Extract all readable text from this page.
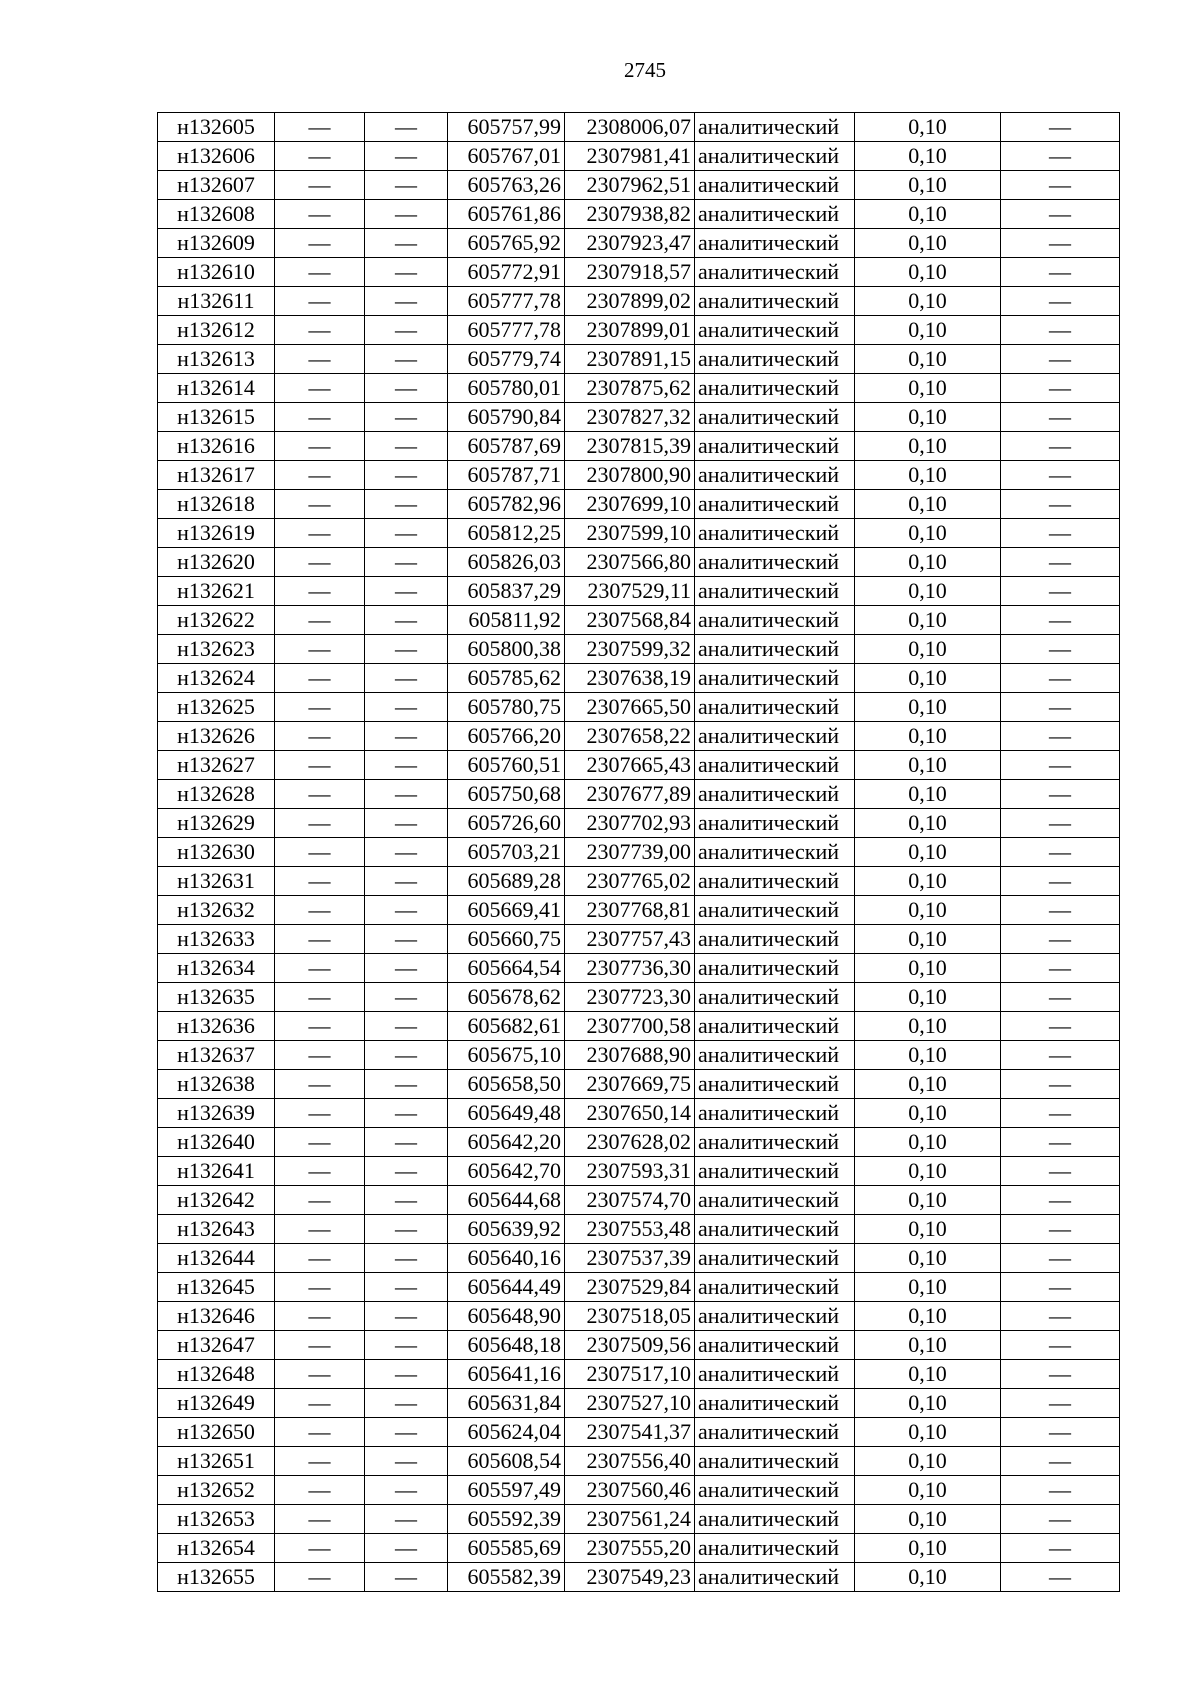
2745
н132605	—	—	605757,99	2308006,07	аналитический	0,10	—
н132606	—	—	605767,01	2307981,41	аналитический	0,10	—
н132607	—	—	605763,26	2307962,51	аналитический	0,10	—
н132608	—	—	605761,86	2307938,82	аналитический	0,10	—
н132609	—	—	605765,92	2307923,47	аналитический	0,10	—
н132610	—	—	605772,91	2307918,57	аналитический	0,10	—
н132611	—	—	605777,78	2307899,02	аналитический	0,10	—
н132612	—	—	605777,78	2307899,01	аналитический	0,10	—
н132613	—	—	605779,74	2307891,15	аналитический	0,10	—
н132614	—	—	605780,01	2307875,62	аналитический	0,10	—
н132615	—	—	605790,84	2307827,32	аналитический	0,10	—
н132616	—	—	605787,69	2307815,39	аналитический	0,10	—
н132617	—	—	605787,71	2307800,90	аналитический	0,10	—
н132618	—	—	605782,96	2307699,10	аналитический	0,10	—
н132619	—	—	605812,25	2307599,10	аналитический	0,10	—
н132620	—	—	605826,03	2307566,80	аналитический	0,10	—
н132621	—	—	605837,29	2307529,11	аналитический	0,10	—
н132622	—	—	605811,92	2307568,84	аналитический	0,10	—
н132623	—	—	605800,38	2307599,32	аналитический	0,10	—
н132624	—	—	605785,62	2307638,19	аналитический	0,10	—
н132625	—	—	605780,75	2307665,50	аналитический	0,10	—
н132626	—	—	605766,20	2307658,22	аналитический	0,10	—
н132627	—	—	605760,51	2307665,43	аналитический	0,10	—
н132628	—	—	605750,68	2307677,89	аналитический	0,10	—
н132629	—	—	605726,60	2307702,93	аналитический	0,10	—
н132630	—	—	605703,21	2307739,00	аналитический	0,10	—
н132631	—	—	605689,28	2307765,02	аналитический	0,10	—
н132632	—	—	605669,41	2307768,81	аналитический	0,10	—
н132633	—	—	605660,75	2307757,43	аналитический	0,10	—
н132634	—	—	605664,54	2307736,30	аналитический	0,10	—
н132635	—	—	605678,62	2307723,30	аналитический	0,10	—
н132636	—	—	605682,61	2307700,58	аналитический	0,10	—
н132637	—	—	605675,10	2307688,90	аналитический	0,10	—
н132638	—	—	605658,50	2307669,75	аналитический	0,10	—
н132639	—	—	605649,48	2307650,14	аналитический	0,10	—
н132640	—	—	605642,20	2307628,02	аналитический	0,10	—
н132641	—	—	605642,70	2307593,31	аналитический	0,10	—
н132642	—	—	605644,68	2307574,70	аналитический	0,10	—
н132643	—	—	605639,92	2307553,48	аналитический	0,10	—
н132644	—	—	605640,16	2307537,39	аналитический	0,10	—
н132645	—	—	605644,49	2307529,84	аналитический	0,10	—
н132646	—	—	605648,90	2307518,05	аналитический	0,10	—
н132647	—	—	605648,18	2307509,56	аналитический	0,10	—
н132648	—	—	605641,16	2307517,10	аналитический	0,10	—
н132649	—	—	605631,84	2307527,10	аналитический	0,10	—
н132650	—	—	605624,04	2307541,37	аналитический	0,10	—
н132651	—	—	605608,54	2307556,40	аналитический	0,10	—
н132652	—	—	605597,49	2307560,46	аналитический	0,10	—
н132653	—	—	605592,39	2307561,24	аналитический	0,10	—
н132654	—	—	605585,69	2307555,20	аналитический	0,10	—
н132655	—	—	605582,39	2307549,23	аналитический	0,10	—
